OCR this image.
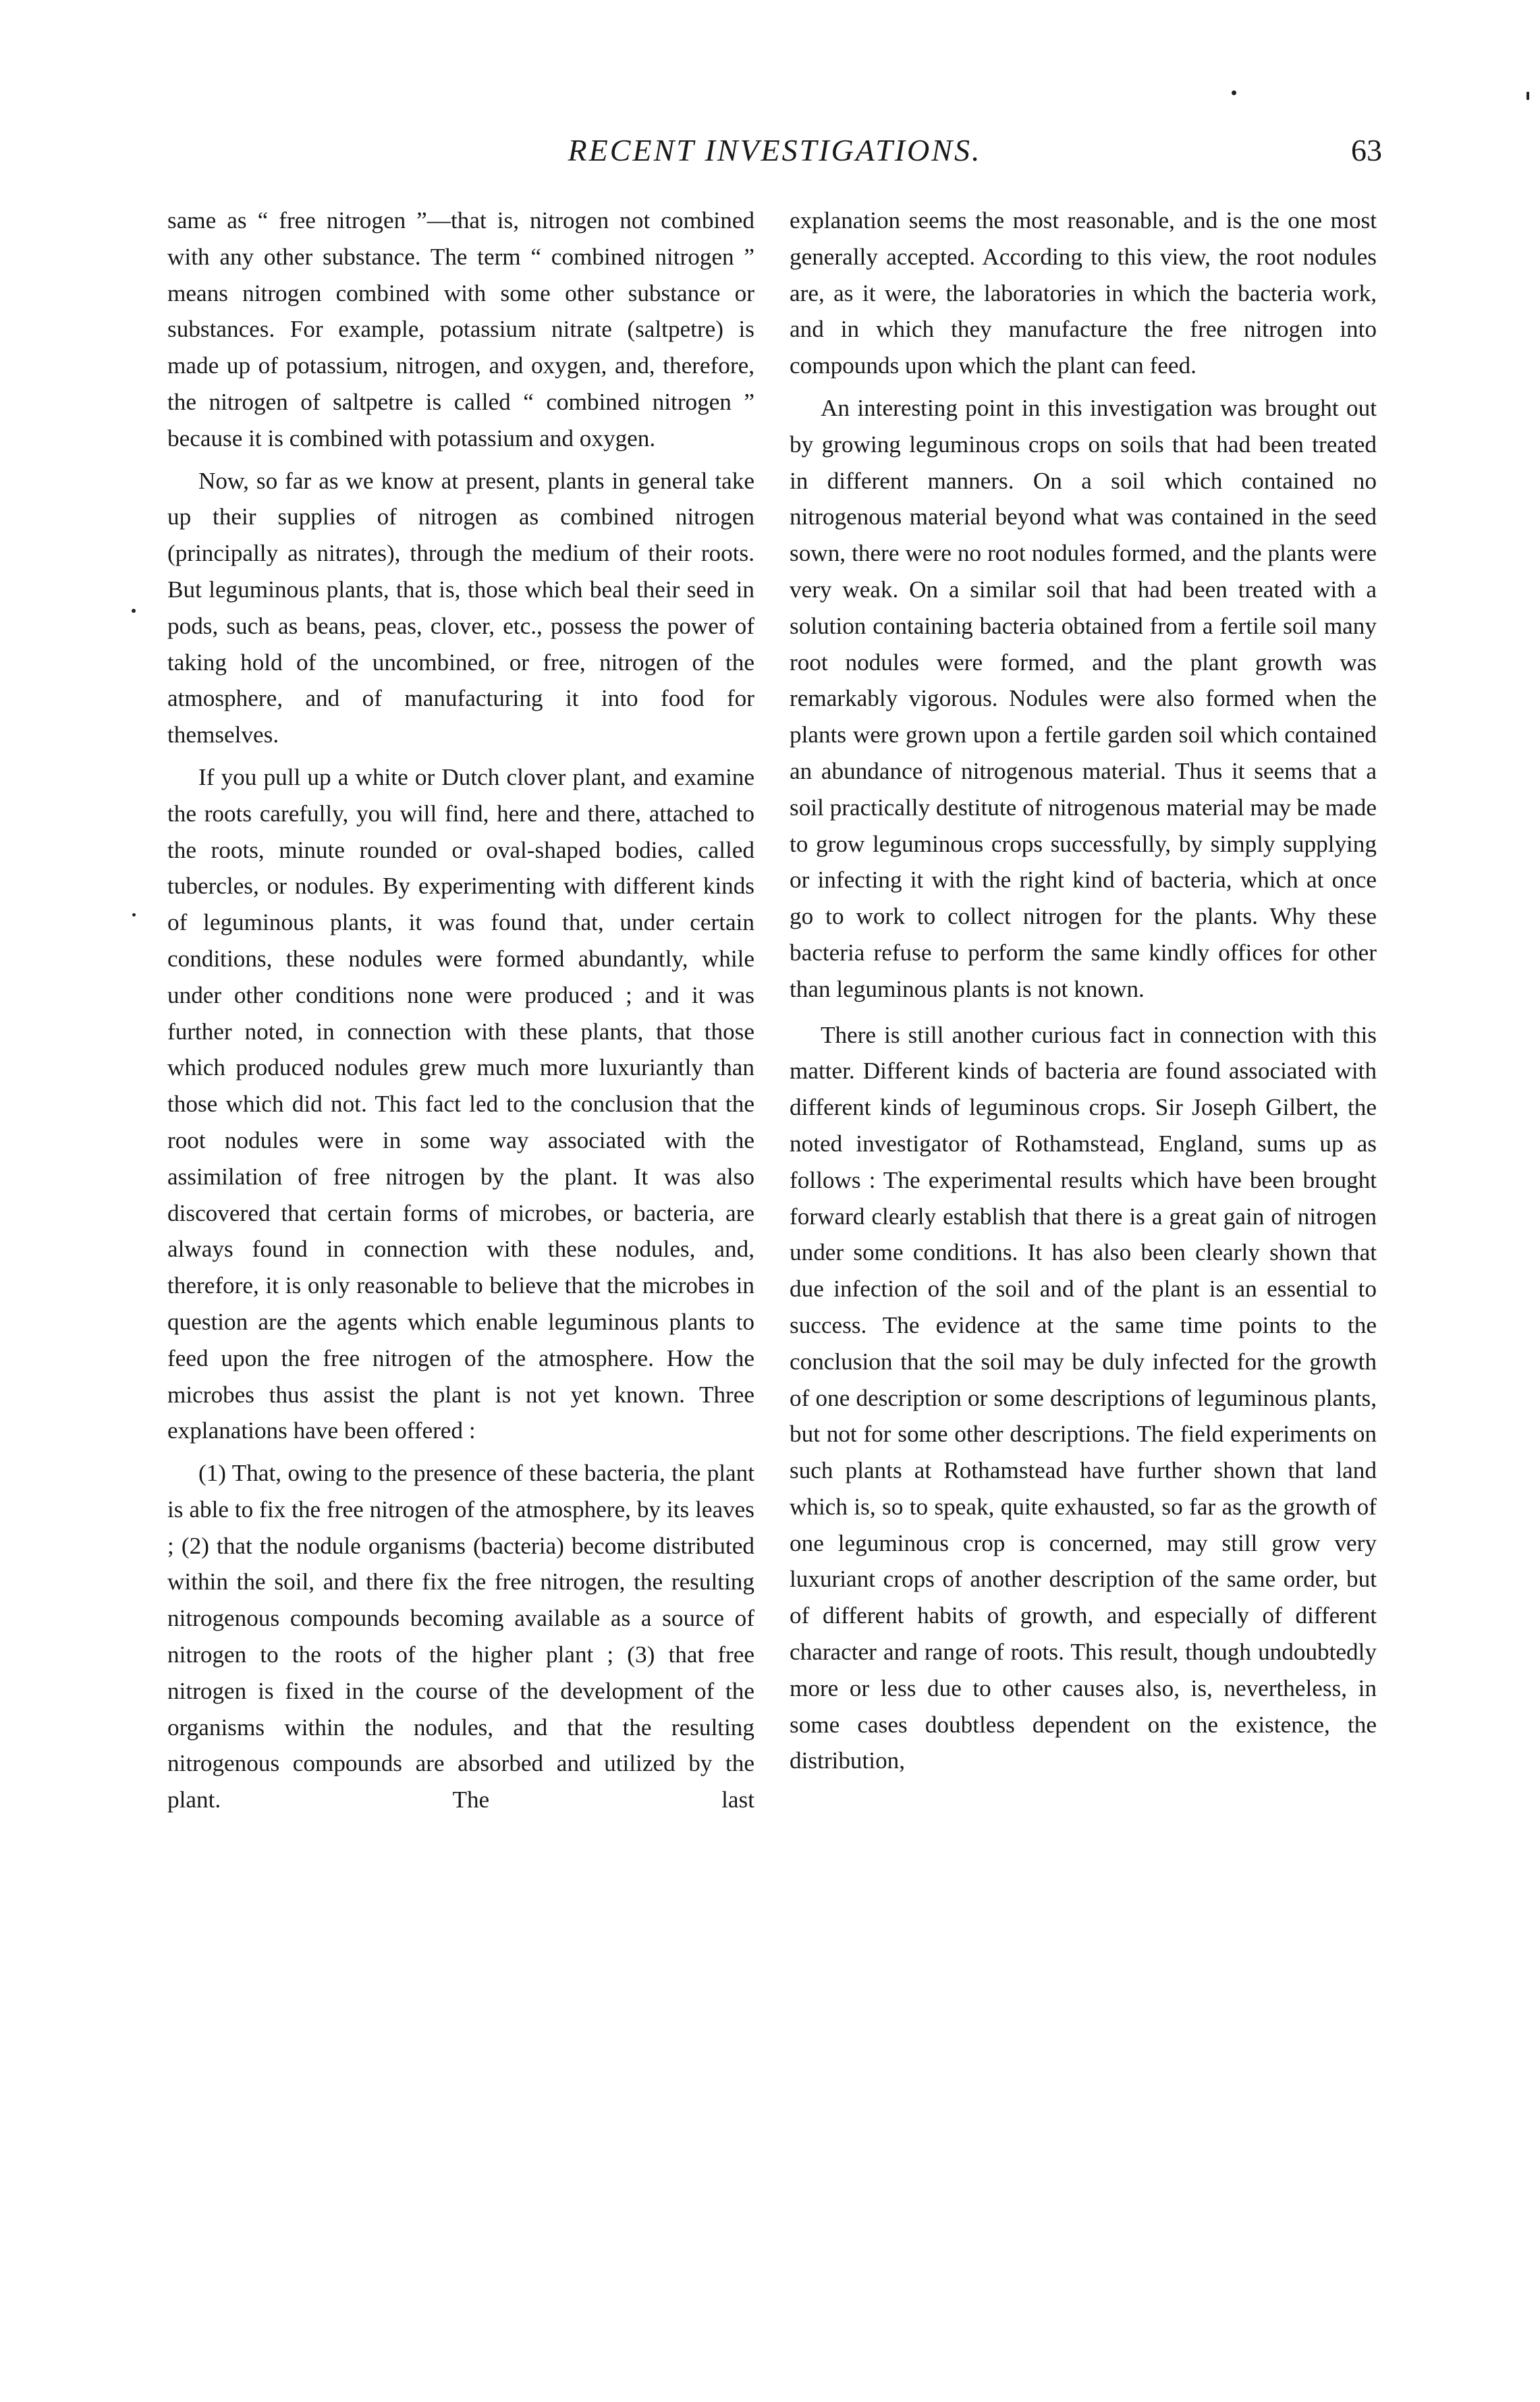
RECENT INVESTIGATIONS.	63

same as “ free nitrogen ”—that is, nitrogen not combined with any other substance. The term “ combined nitrogen ” means nitrogen combined with some other substance or substances. For example, potassium nitrate (saltpetre) is made up of potassium, nitrogen, and oxygen, and, therefore, the nitrogen of saltpetre is called “ combined nitrogen ” because it is combined with potassium and oxygen.

Now, so far as we know at present, plants in general take up their supplies of nitrogen as combined nitrogen (principally as nitrates), through the medium of their roots. But leguminous plants, that is, those which beal their seed in pods, such as beans, peas, clover, etc., possess the power of taking hold of the uncombined, or free, nitrogen of the atmosphere, and of manufacturing it into food for themselves.

If you pull up a white or Dutch clover plant, and examine the roots carefully, you will find, here and there, attached to the roots, minute rounded or oval-shaped bodies, called tubercles, or nodules. By experimenting with different kinds of leguminous plants, it was found that, under certain conditions, these nodules were formed abundantly, while under other conditions none were produced ; and it was further noted, in connection with these plants, that those which produced nodules grew much more luxuriantly than those which did not. This fact led to the conclusion that the root nodules were in some way associated with the assimilation of free nitrogen by the plant. It was also discovered that certain forms of microbes, or bacteria, are always found in connection with these nodules, and, therefore, it is only reasonable to believe that the microbes in question are the agents which enable leguminous plants to feed upon the free nitrogen of the atmosphere. How the microbes thus assist the plant is not yet known. Three explanations have been offered :

(1) That, owing to the presence of these bacteria, the plant is able to fix the free nitrogen of the atmosphere, by its leaves ; (2) that the nodule organisms (bacteria) become distributed within the soil, and there fix the free nitrogen, the resulting nitrogenous compounds becoming available as a source of nitrogen to the roots of the higher plant ; (3) that free nitrogen is fixed in the course of the development of the organisms within the nodules, and that the resulting nitrogenous compounds are absorbed and utilized by the plant. The last

explanation seems the most reasonable, and is the one most generally accepted. According to this view, the root nodules are, as it were, the laboratories in which the bacteria work, and in which they manufacture the free nitrogen into compounds upon which the plant can feed.

An interesting point in this investigation was brought out by growing leguminous crops on soils that had been treated in different manners. On a soil which contained no nitrogenous material beyond what was contained in the seed sown, there were no root nodules formed, and the plants were very weak. On a similar soil that had been treated with a solution containing bacteria obtained from a fertile soil many root nodules were formed, and the plant growth was remarkably vigorous. Nodules were also formed when the plants were grown upon a fertile garden soil which contained an abundance of nitrogenous material. Thus it seems that a soil practically destitute of nitrogenous material may be made to grow leguminous crops successfully, by simply supplying or infecting it with the right kind of bacteria, which at once go to work to collect nitrogen for the plants. Why these bacteria refuse to perform the same kindly offices for other than leguminous plants is not known.

There is still another curious fact in connection with this matter. Different kinds of bacteria are found associated with different kinds of leguminous crops. Sir Joseph Gilbert, the noted investigator of Rothamstead, England, sums up as follows : The experimental results which have been brought forward clearly establish that there is a great gain of nitrogen under some conditions. It has also been clearly shown that due infection of the soil and of the plant is an essential to success. The evidence at the same time points to the conclusion that the soil may be duly infected for the growth of one description or some descriptions of leguminous plants, but not for some other descriptions. The field experiments on such plants at Rothamstead have further shown that land which is, so to speak, quite exhausted, so far as the growth of one leguminous crop is concerned, may still grow very luxuriant crops of another description of the same order, but of different habits of growth, and especially of different character and range of roots. This result, though undoubtedly more or less due to other causes also, is, nevertheless, in some cases doubtless dependent on the existence, the distribution,
